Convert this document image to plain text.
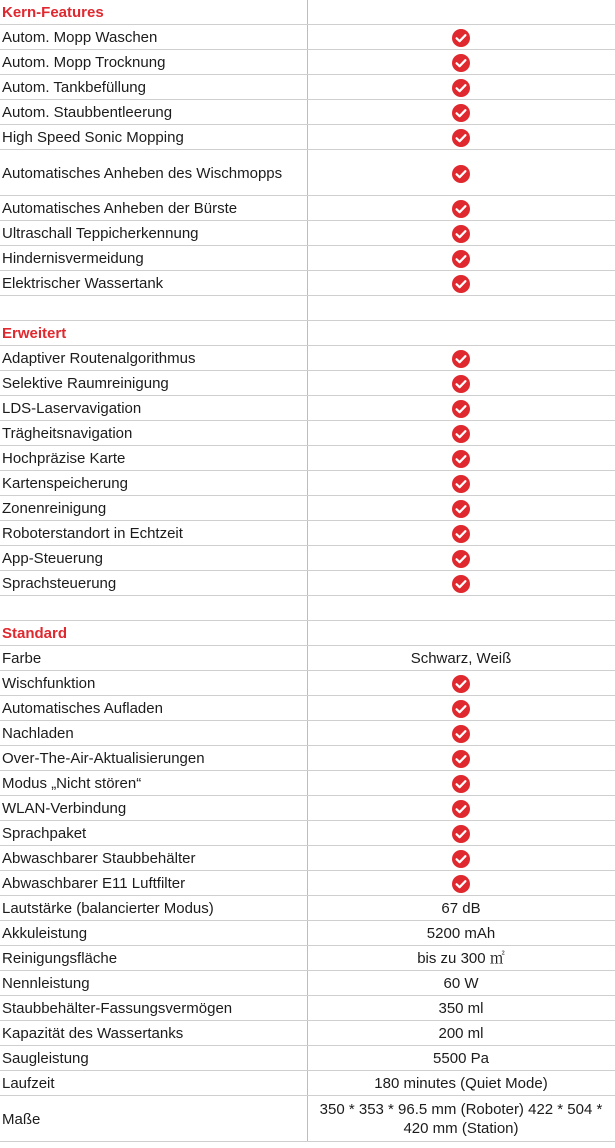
Kern-Features	
Autom. Mopp Waschen	

Autom. Mopp Trocknung	

Autom. Tankbefüllung	

Autom. Staubbentleerung	

High Speed Sonic Mopping	

Automatisches Anheben des Wischmopps	

Automatisches Anheben der Bürste	

Ultraschall Teppicherkennung	

Hindernisvermeidung	

Elektrischer Wassertank	

Erweitert	
Adaptiver Routenalgorithmus	

Selektive Raumreinigung	

LDS-Laservavigation	

Trägheitsnavigation	

Hochpräzise Karte	

Kartenspeicherung	

Zonenreinigung	

Roboterstandort in Echtzeit	

App-Steuerung	

Sprachsteuerung	

Standard	
Farbe	Schwarz, Weiß
Wischfunktion	

Automatisches Aufladen	

Nachladen	

Over-The-Air-Aktualisierungen	

Modus „Nicht stören“	

WLAN-Verbindung	

Sprachpaket	

Abwaschbarer Staubbehälter	

Abwaschbarer E11 Luftfilter	

Lautstärke (balancierter Modus)	67 dB
Akkuleistung	5200 mAh
Reinigungsfläche	bis zu 300 ㎡
Nennleistung	60 W
Staubbehälter-Fassungsvermögen	350 ml
Kapazität des Wassertanks	200 ml
Saugleistung	5500 Pa
Laufzeit	180 minutes (Quiet Mode)
Maße	350 * 353 * 96.5 mm (Roboter) 422 * 504 * 420 mm (Station)
